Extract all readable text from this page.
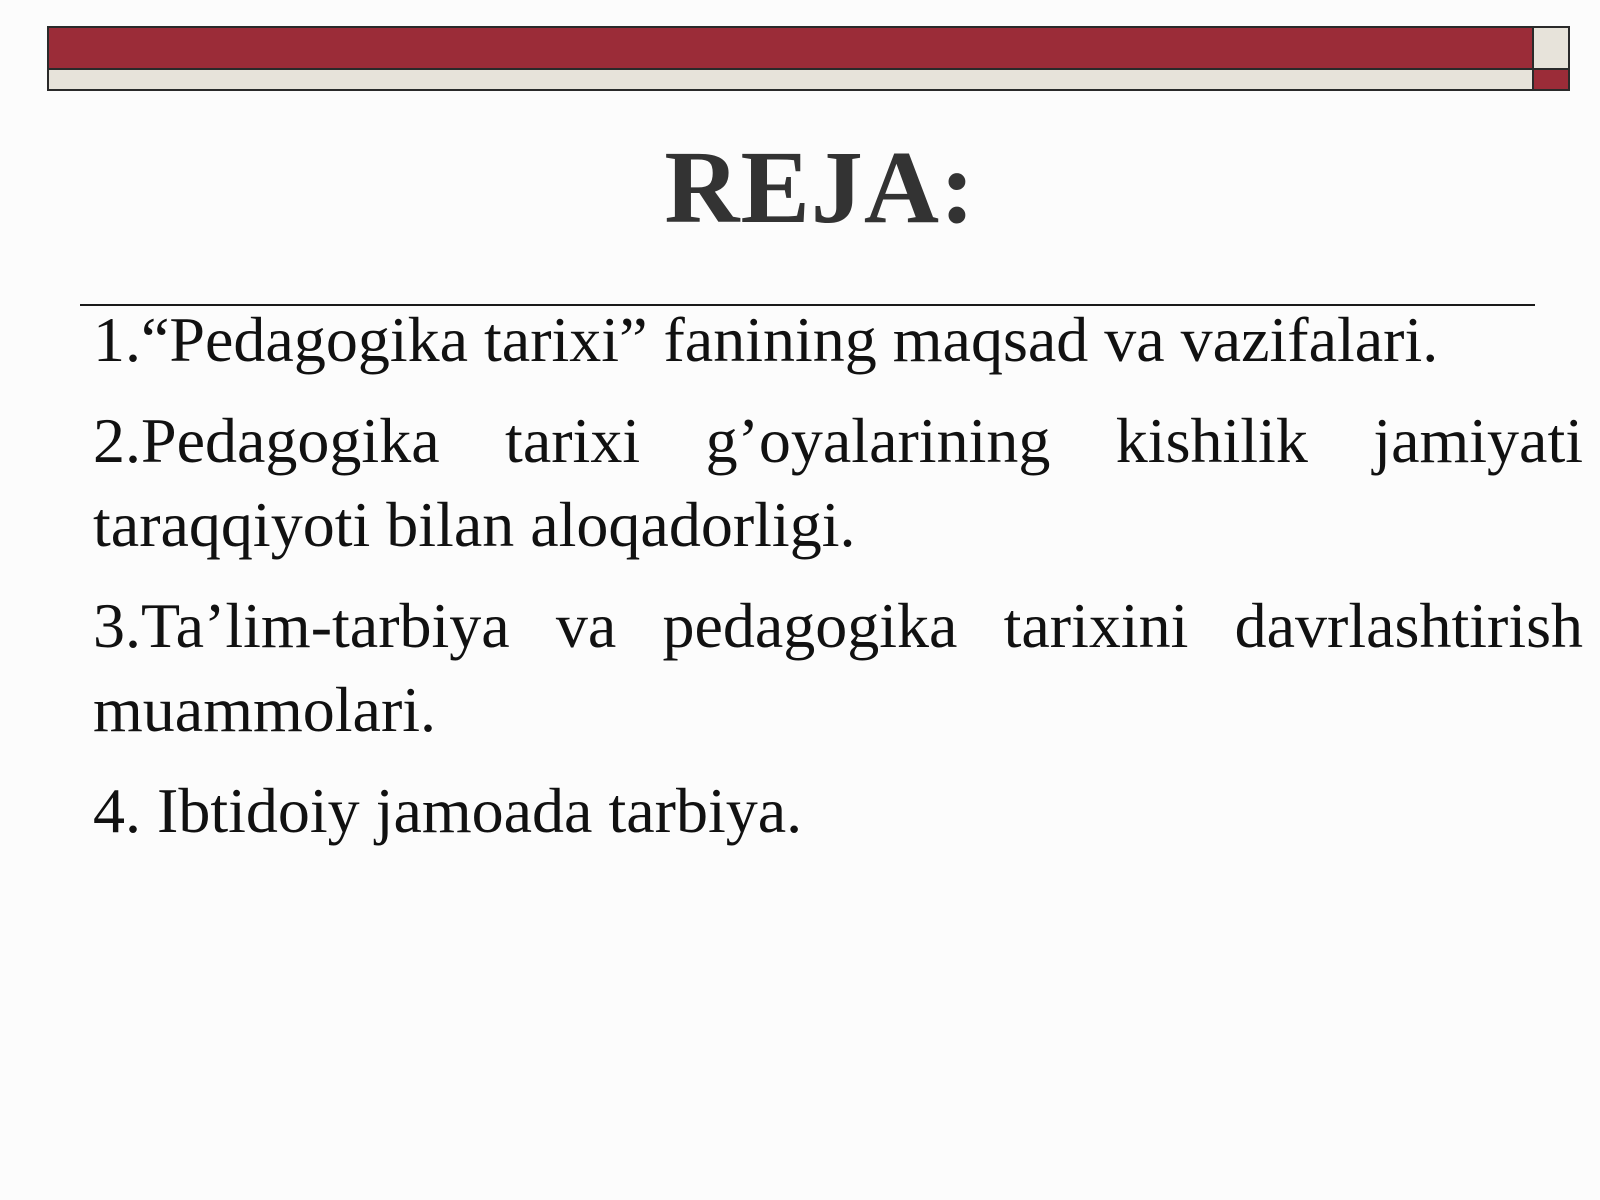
REJA:
1.“Pedagogika tarixi” fanining maqsad va vazifalari.
2.Pedagogika tarixi g’oyalarining kishilik jamiyati taraqqiyoti bilan aloqadorligi.
3.Ta’lim-tarbiya va pedagogika tarixini davrlashtirish muammolari.
4. Ibtidoiy jamoada tarbiya.
